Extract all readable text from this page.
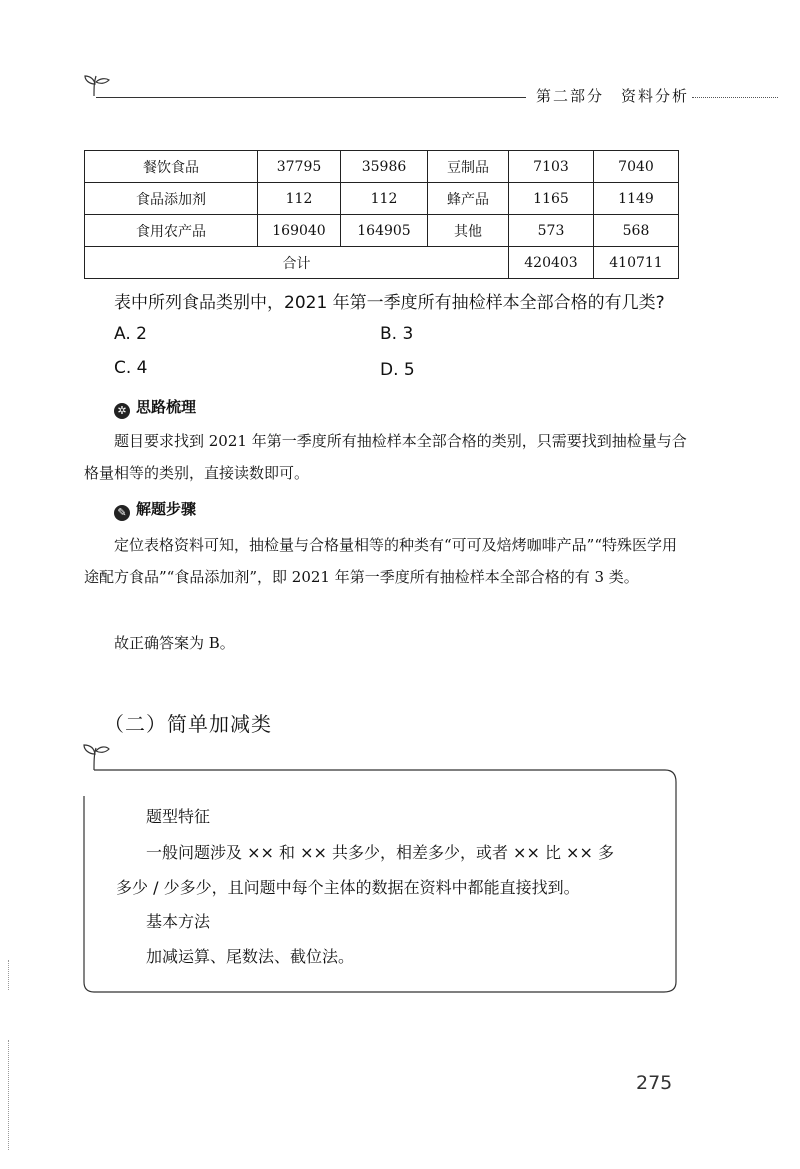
第二部分　资料分析
餐饮食品	37795	35986	豆制品	7103	7040
食品添加剂	112	112	蜂产品	1165	1149
食用农产品	169040	164905	其他	573	568
合计				420403	410711
表中所列食品类别中，2021 年第一季度所有抽检样本全部合格的有几类?
A. 2	B. 3
C. 4	D. 5
✲ 思路梳理
题目要求找到 2021 年第一季度所有抽检样本全部合格的类别，只需要找到抽检量与合格量相等的类别，直接读数即可。
✎ 解题步骤
定位表格资料可知，抽检量与合格量相等的种类有“可可及焙烤咖啡产品”“特殊医学用途配方食品”“食品添加剂”，即 2021 年第一季度所有抽检样本全部合格的有 3 类。
故正确答案为 B。
（二）简单加减类
题型特征
一般问题涉及 ×× 和 ×× 共多少，相差多少，或者 ×× 比 ×× 多
多少 / 少多少，且问题中每个主体的数据在资料中都能直接找到。
基本方法
加减运算、尾数法、截位法。
275
